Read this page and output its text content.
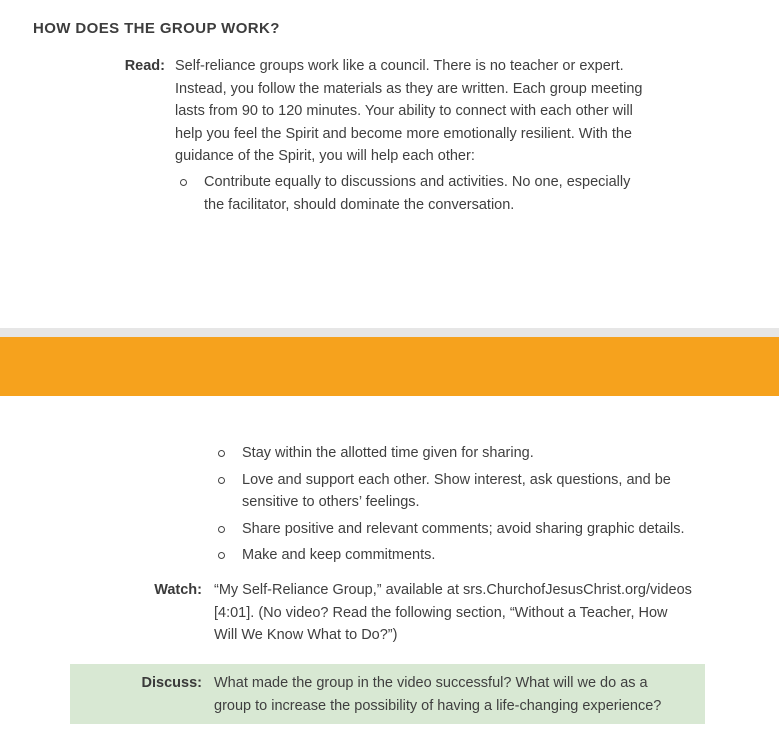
HOW DOES THE GROUP WORK?
Read: Self-reliance groups work like a council. There is no teacher or expert.
Instead, you follow the materials as they are written. Each group meeting
lasts from 90 to 120 minutes. Your ability to connect with each other will
help you feel the Spirit and become more emotionally resilient. With the
guidance of the Spirit, you will help each other:
Contribute equally to discussions and activities. No one, especially
the facilitator, should dominate the conversation.
Stay within the allotted time given for sharing.
Love and support each other. Show interest, ask questions, and be
sensitive to others’ feelings.
Share positive and relevant comments; avoid sharing graphic details.
Make and keep commitments.
Watch: “My Self-Reliance Group,” available at srs.ChurchofJesusChrist.org/videos
[4:01]. (No video? Read the following section, “Without a Teacher, How
Will We Know What to Do?”)
Discuss: What made the group in the video successful? What will we do as a
group to increase the possibility of having a life-changing experience?
